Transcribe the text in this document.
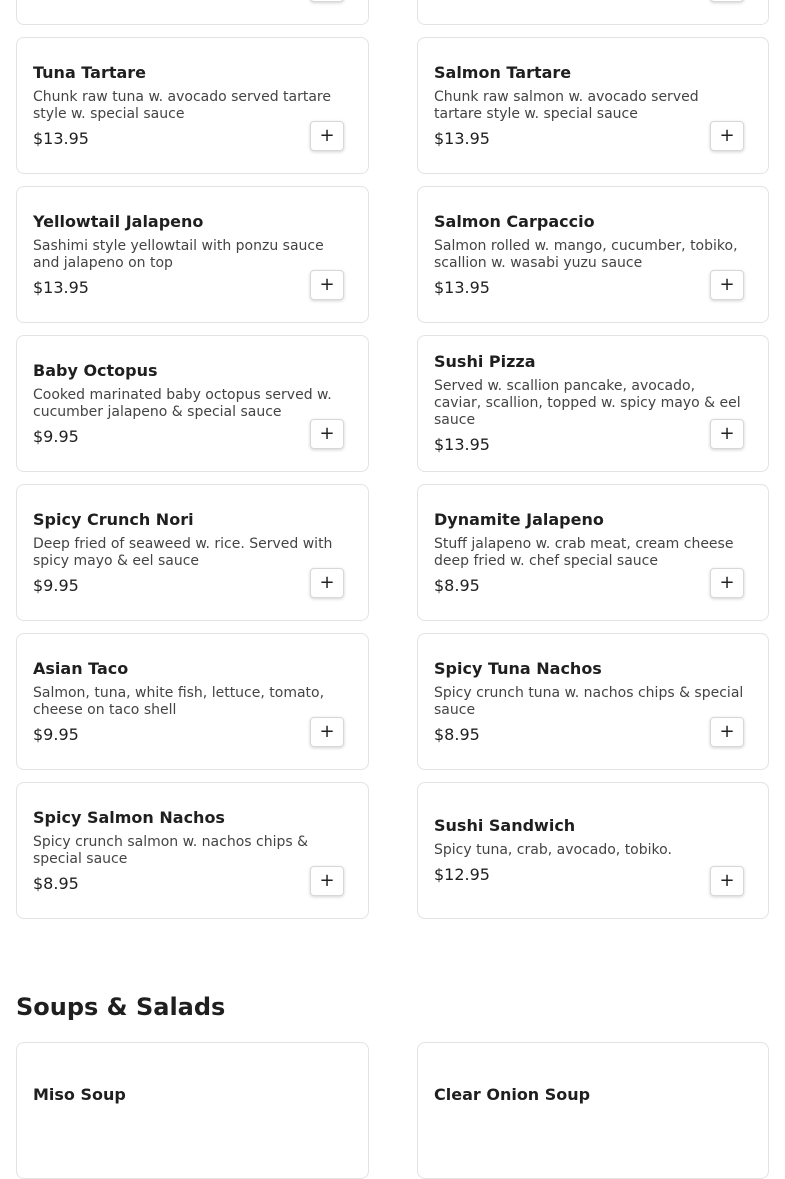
Tuna Tartare
Chunk raw tuna w. avocado served tartare style w. special sauce
$13.95	+
Salmon Tartare
Chunk raw salmon w. avocado served tartare style w. special sauce
$13.95	+
Yellowtail Jalapeno
Sashimi style yellowtail with ponzu sauce and jalapeno on top
$13.95	+
Salmon Carpaccio
Salmon rolled w. mango, cucumber, tobiko, scallion w. wasabi yuzu sauce
$13.95	+
Baby Octopus
Cooked marinated baby octopus served w. cucumber jalapeno & special sauce
$9.95	+
Sushi Pizza
Served w. scallion pancake, avocado, caviar, scallion, topped w. spicy mayo & eel sauce
$13.95
+
Spicy Crunch Nori
Deep fried of seaweed w. rice. Served with spicy mayo & eel sauce
$9.95	+
Dynamite Jalapeno
Stuff jalapeno w. crab meat, cream cheese deep fried w. chef special sauce
$8.95	+
Asian Taco
Salmon, tuna, white fish, lettuce, tomato, cheese on taco shell
$9.95	+
Spicy Tuna Nachos
Spicy crunch tuna w. nachos chips & special sauce
$8.95	+
Spicy Salmon Nachos
Spicy crunch salmon w. nachos chips & special sauce
$8.95	+
Sushi Sandwich
Spicy tuna, crab, avocado, tobiko.
$12.95	+
Soups & Salads
Miso Soup	Clear Onion Soup
